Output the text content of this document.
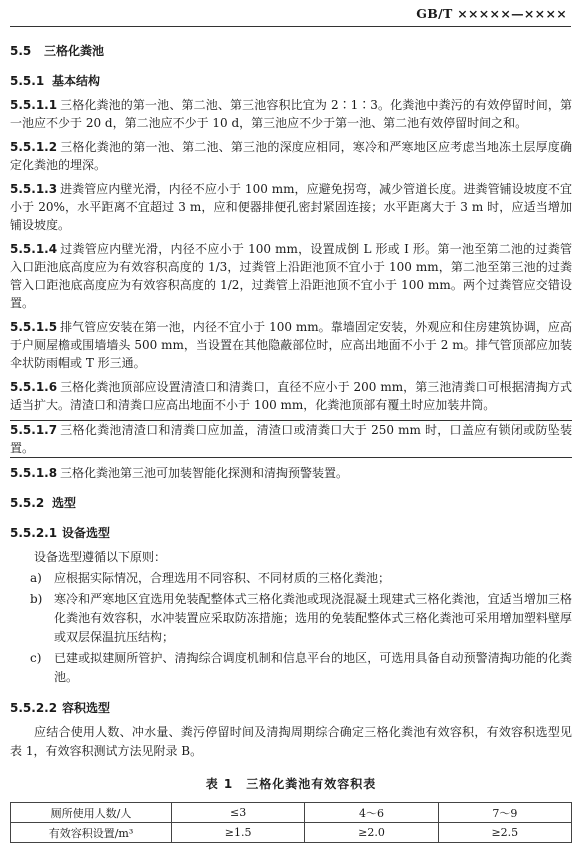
GB/T ×××××—××××
5.5 三格化粪池
5.5.1 基本结构
5.5.1.1 三格化粪池的第一池、第二池、第三池容积比宜为 2∶1∶3。化粪池中粪污的有效停留时间，第一池应不少于 20 d，第二池应不少于 10 d，第三池应不少于第一池、第二池有效停留时间之和。
5.5.1.2 三格化粪池的第一池、第二池、第三池的深度应相同，寒冷和严寒地区应考虑当地冻土层厚度确定化粪池的埋深。
5.5.1.3 进粪管应内壁光滑，内径不应小于 100 mm，应避免拐弯，减少管道长度。进粪管铺设坡度不宜小于 20%，水平距离不宜超过 3 m，应和便器排便孔密封紧固连接；水平距离大于 3 m 时，应适当增加铺设坡度。
5.5.1.4 过粪管应内壁光滑，内径不应小于 100 mm，设置成倒 L 形或 I 形。第一池至第二池的过粪管入口距池底高度应为有效容积高度的 1/3，过粪管上沿距池顶不宜小于 100 mm，第二池至第三池的过粪管入口距池底高度应为有效容积高度的 1/2，过粪管上沿距池顶不宜小于 100 mm。两个过粪管应交错设置。
5.5.1.5 排气管应安装在第一池，内径不宜小于 100 mm。靠墙固定安装，外观应和住房建筑协调，应高于户厕屋檐或围墙墙头 500 mm，当设置在其他隐蔽部位时，应高出地面不小于 2 m。排气管顶部应加装伞状防雨帽或 T 形三通。
5.5.1.6 三格化粪池顶部应设置清渣口和清粪口，直径不应小于 200 mm，第三池清粪口可根据清掏方式适当扩大。清渣口和清粪口应高出地面不小于 100 mm，化粪池顶部有覆土时应加装井筒。
5.5.1.7 三格化粪池清渣口和清粪口应加盖，清渣口或清粪口大于 250 mm 时，口盖应有锁闭或防坠装置。
5.5.1.8 三格化粪池第三池可加装智能化探测和清掏预警装置。
5.5.2 选型
5.5.2.1 设备选型
设备选型遵循以下原则：
a)	应根据实际情况，合理选用不同容积、不同材质的三格化粪池；
b) 寒冷和严寒地区宜选用免装配整体式三格化粪池或现浇混凝土现建式三格化粪池，宜适当增加三格化粪池有效容积，水冲装置应采取防冻措施；选用的免装配整体式三格化粪池可采用增加塑料壁厚或双层保温抗压结构；
c)	已建或拟建厕所管护、清掏综合调度机制和信息平台的地区，可选用具备自动预警清掏功能的化粪池。
5.5.2.2 容积选型
应结合使用人数、冲水量、粪污停留时间及清掏周期综合确定三格化粪池有效容积，有效容积选型见表 1，有效容积测试方法见附录 B。
表 1　三格化粪池有效容积表
厕所使用人数/人	≤3	4～6	7～9
有效容积设置/m³	≥1.5	≥2.0	≥2.5
